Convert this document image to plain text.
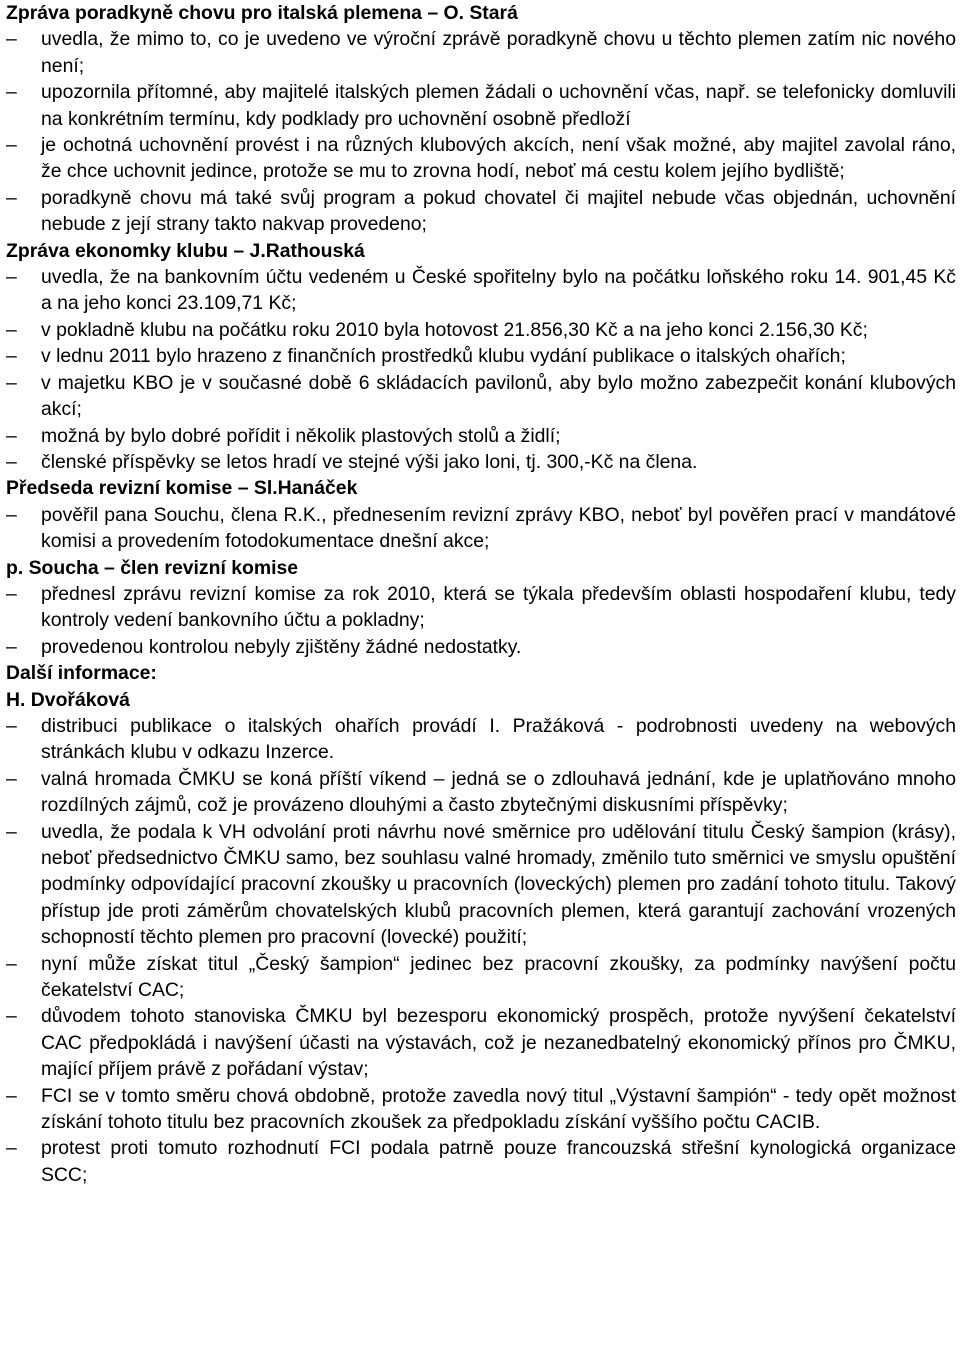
Zpráva poradkyně chovu pro italská plemena – O. Stará
– uvedla, že mimo to, co je uvedeno ve výroční zprávě poradkyně chovu u těchto plemen zatím nic nového není;
– upozornila přítomné, aby majitelé italských plemen žádali o uchovnění včas, např. se telefonicky domluvili na konkrétním termínu, kdy podklady pro uchovnění osobně předloží
– je ochotná uchovnění provést i na různých klubových akcích, není však možné, aby majitel zavolal ráno, že chce uchovnit jedince, protože se mu to zrovna hodí, neboť má cestu kolem jejího bydliště;
– poradkyně chovu má také svůj program a pokud chovatel či majitel nebude včas objednán, uchovnění nebude z její strany takto nakvap provedeno;
Zpráva ekonomky klubu – J.Rathouská
– uvedla, že na bankovním účtu vedeném u České spořitelny bylo na počátku loňského roku 14. 901,45 Kč a na jeho konci 23.109,71 Kč;
– v pokladně klubu na počátku roku 2010 byla hotovost 21.856,30 Kč a na jeho konci 2.156,30 Kč;
– v lednu 2011 bylo hrazeno z finančních prostředků klubu vydání publikace o italských ohařích;
– v majetku KBO je v současné době 6 skládacích pavilonů, aby bylo možno zabezpečit konání klubových akcí;
– možná by bylo dobré pořídit i několik plastových stolů a židlí;
– členské příspěvky se letos hradí ve stejné výši jako loni, tj. 300,-Kč na člena.
Předseda revizní komise – Sl.Hanáček
– pověřil pana Souchu, člena R.K., přednesením revizní zprávy KBO, neboť byl pověřen prací v mandátové komisi a provedením fotodokumentace dnešní akce;
p. Soucha – člen revizní komise
– přednesl zprávu revizní komise za rok 2010, která se týkala především oblasti hospodaření klubu, tedy kontroly vedení bankovního účtu a pokladny;
– provedenou kontrolou nebyly zjištěny žádné nedostatky.
Další informace:
H. Dvořáková
– distribuci publikace o italských ohařích provádí I. Pražáková - podrobnosti uvedeny na webových stránkách klubu v odkazu Inzerce.
– valná hromada ČMKU se koná příští víkend – jedná se o zdlouhavá jednání, kde je uplatňováno mnoho rozdílných zájmů, což je provázeno dlouhými a často zbytečnými diskusními příspěvky;
– uvedla, že podala k VH odvolání proti návrhu nové směrnice pro udělování titulu Český šampion (krásy), neboť předsednictvo ČMKU samo, bez souhlasu valné hromady, změnilo tuto směrnici ve smyslu opuštění podmínky odpovídající pracovní zkoušky u pracovních (loveckých) plemen pro zadání tohoto titulu. Takový přístup jde proti záměrům chovatelských klubů pracovních plemen, která garantují zachování vrozených schopností těchto plemen pro pracovní (lovecké) použití;
– nyní může získat titul „Český šampion“ jedinec bez pracovní zkoušky, za podmínky navýšení počtu čekatelství CAC;
– důvodem tohoto stanoviska ČMKU byl bezesporu ekonomický prospěch, protože nyvýšení čekatelství CAC předpokládá i navýšení účasti na výstavách, což je nezanedbatelný ekonomický přínos pro ČMKU, mající příjem právě z pořádaní výstav;
– FCI se v tomto směru chová obdobně, protože zavedla nový titul „Výstavní šampión“ - tedy opět možnost získání tohoto titulu bez pracovních zkoušek za předpokladu získání vyššího počtu CACIB.
– protest proti tomuto rozhodnutí FCI podala patrně pouze francouzská střešní kynologická organizace SCC;
